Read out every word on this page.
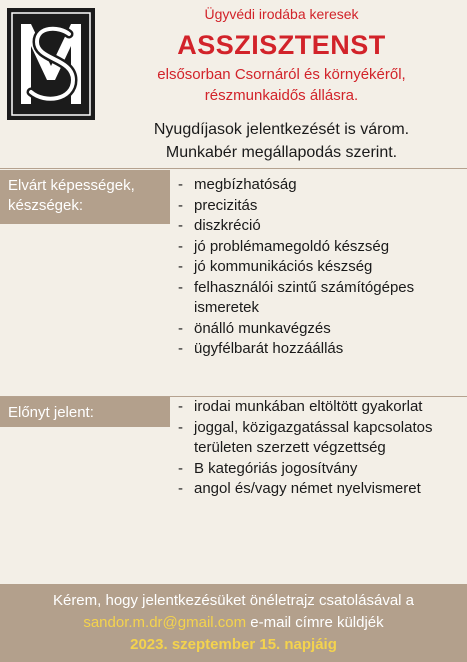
Ügyvédi irodába keresek
ASSZISZTENST
elsősorban Csornáról és környékéről,
részmunkaidős állásra.
Nyugdíjasok jelentkezését is várom.
Munkabér megállapodás szerint.
Elvárt képességek,
készségek:
- megbízhatóság
- precizitás
- diszkréció
- jó problémamegoldó készség
- jó kommunikációs készség
- felhasználói szintű számítógépes ismeretek
- önálló munkavégzés
- ügyfélbarát hozzáállás
Előnyt jelent:	- irodai munkában eltöltött gyakorlat
- joggal, közigazgatással kapcsolatos területen szerzett végzettség
- B kategóriás jogosítvány
- angol és/vagy német nyelvismeret
Kérem, hogy jelentkezésüket önéletrajz csatolásával a
sandor.m.dr@gmail.com e-mail címre küldjék
2023. szeptember 15. napjáig
